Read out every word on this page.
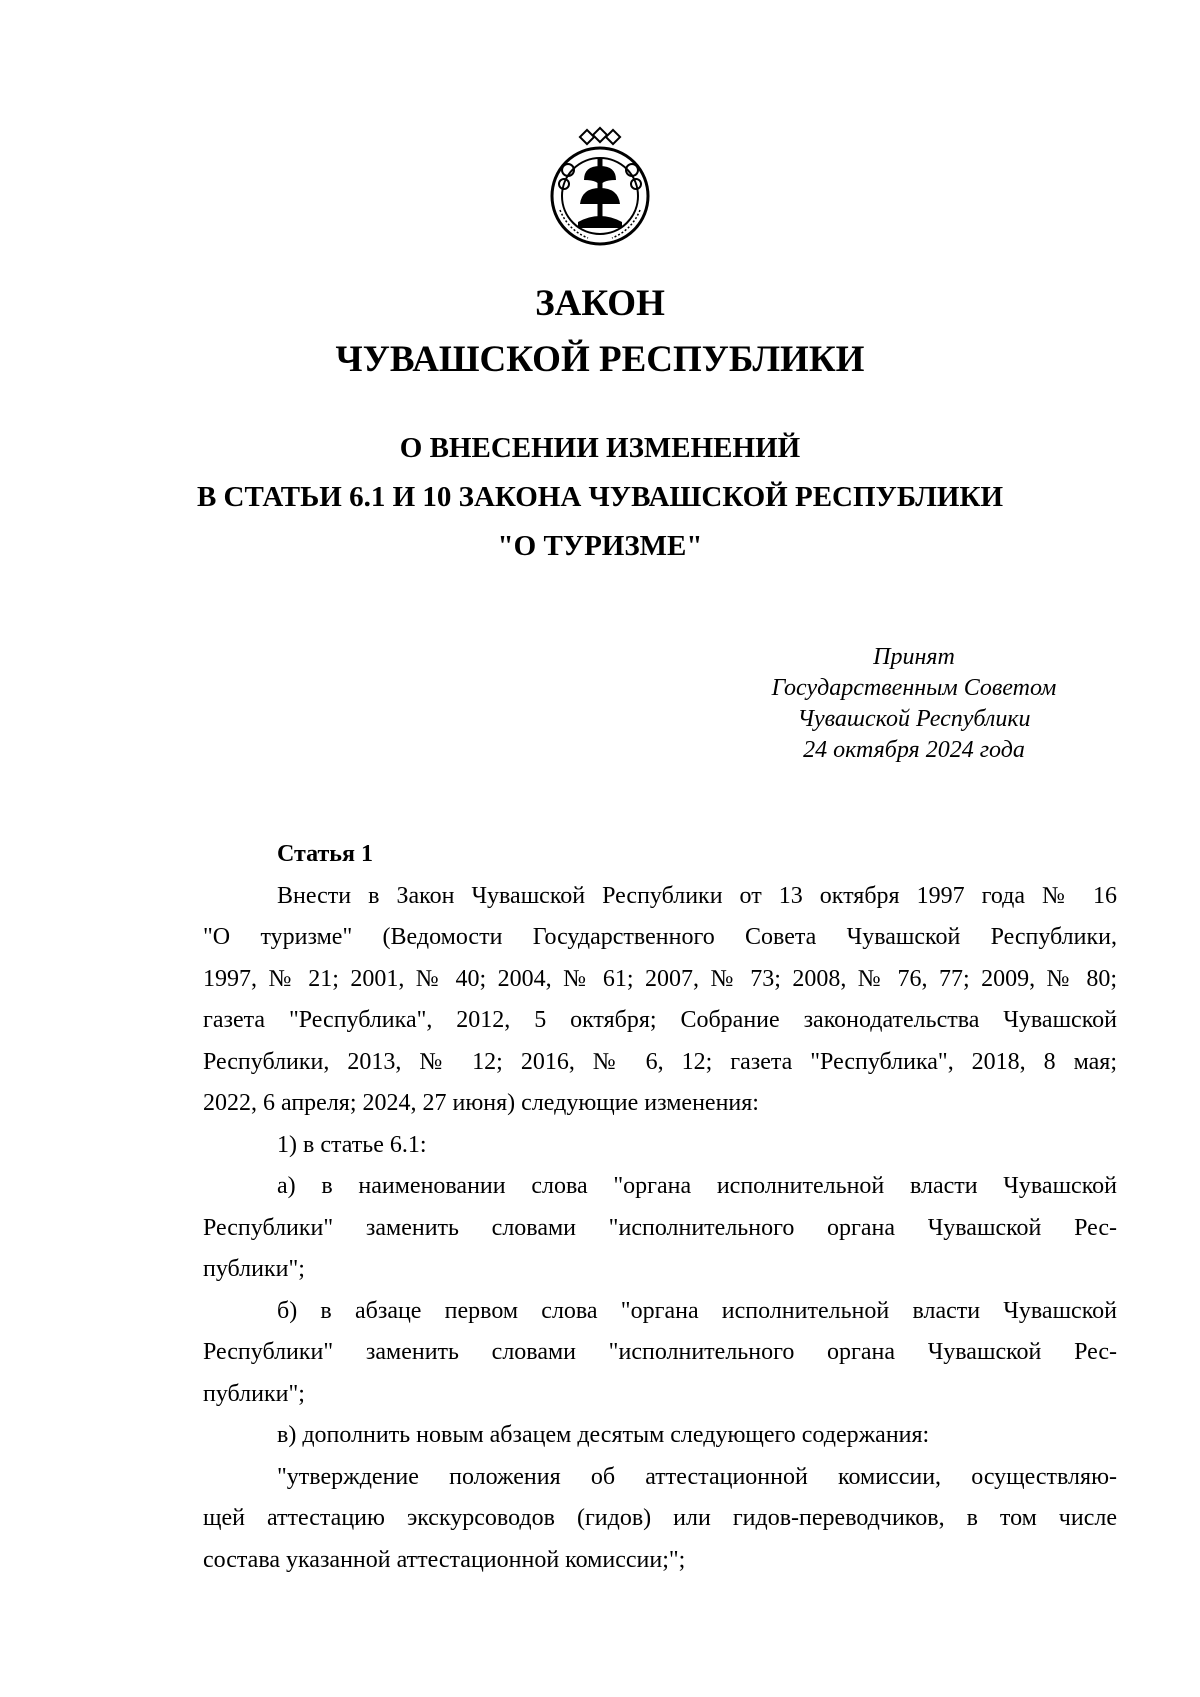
ЗАКОН
ЧУВАШСКОЙ РЕСПУБЛИКИ
О ВНЕСЕНИИ ИЗМЕНЕНИЙ
В СТАТЬИ 6.1 И 10 ЗАКОНА ЧУВАШСКОЙ РЕСПУБЛИКИ
"О ТУРИЗМЕ"
Принят
Государственным Советом
Чувашской Республики
24 октября 2024 года
Статья 1
Внести в Закон Чувашской Республики от 13 октября 1997 года № 16
"О туризме" (Ведомости Государственного Совета Чувашской Республики,
1997, № 21; 2001, № 40; 2004, № 61; 2007, № 73; 2008, № 76, 77; 2009, № 80;
газета "Республика", 2012, 5 октября; Собрание законодательства Чувашской
Республики, 2013, № 12; 2016, № 6, 12; газета "Республика", 2018, 8 мая;
2022, 6 апреля; 2024, 27 июня) следующие изменения:
1) в статье 6.1:
а) в наименовании слова "органа исполнительной власти Чувашской
Республики" заменить словами "исполнительного органа Чувашской Рес-
публики";
б) в абзаце первом слова "органа исполнительной власти Чувашской
Республики" заменить словами "исполнительного органа Чувашской Рес-
публики";
в) дополнить новым абзацем десятым следующего содержания:
"утверждение положения об аттестационной комиссии, осуществляю-
щей аттестацию экскурсоводов (гидов) или гидов-переводчиков, в том числе
состава указанной аттестационной комиссии;";
